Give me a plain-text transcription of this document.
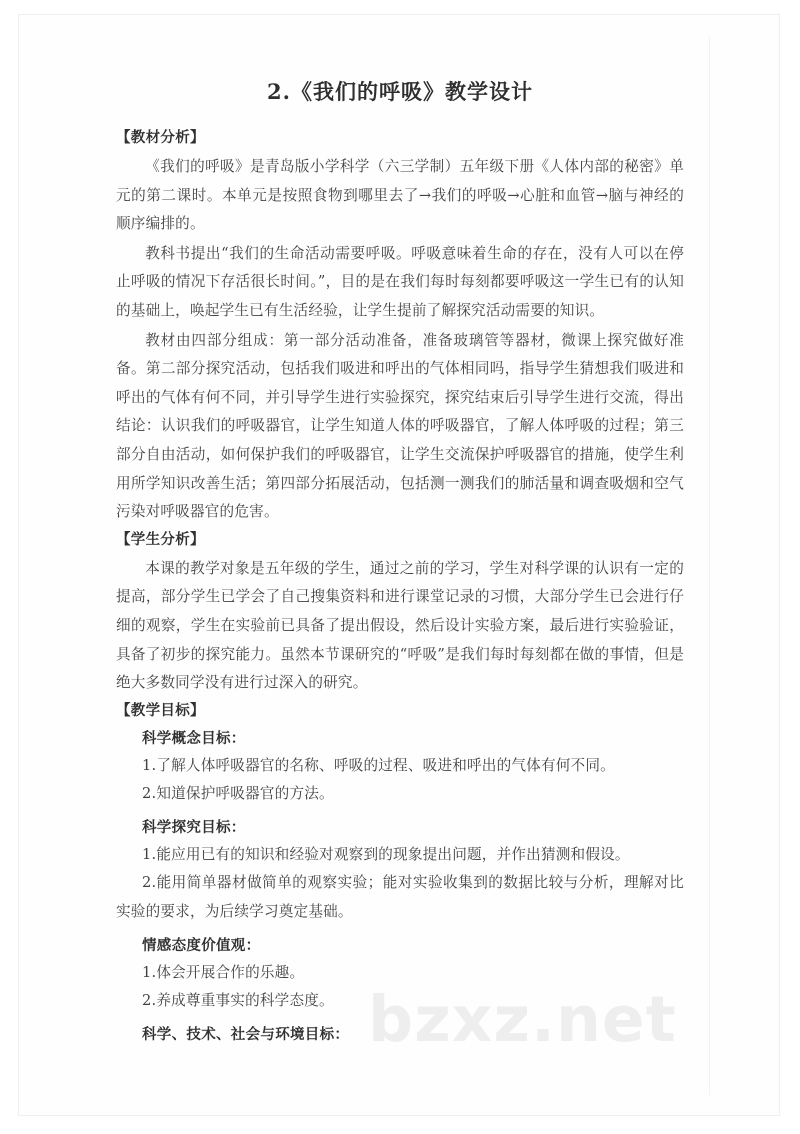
bzxz.net
2.《我们的呼吸》教学设计
【教材分析】

《我们的呼吸》是青岛版小学科学（六三学制）五年级下册《人体内部的秘密》单元的第二课时。本单元是按照食物到哪里去了→我们的呼吸→心脏和血管→脑与神经的顺序编排的。

教科书提出“我们的生命活动需要呼吸。呼吸意味着生命的存在，没有人可以在停止呼吸的情况下存活很长时间。”，目的是在我们每时每刻都要呼吸这一学生已有的认知的基础上，唤起学生已有生活经验，让学生提前了解探究活动需要的知识。

教材由四部分组成：第一部分活动准备，准备玻璃管等器材，微课上探究做好准备。第二部分探究活动，包括我们吸进和呼出的气体相同吗，指导学生猜想我们吸进和呼出的气体有何不同，并引导学生进行实验探究，探究结束后引导学生进行交流，得出结论：认识我们的呼吸器官，让学生知道人体的呼吸器官，了解人体呼吸的过程；第三部分自由活动，如何保护我们的呼吸器官，让学生交流保护呼吸器官的措施，使学生利用所学知识改善生活；第四部分拓展活动，包括测一测我们的肺活量和调查吸烟和空气污染对呼吸器官的危害。

【学生分析】

本课的教学对象是五年级的学生，通过之前的学习，学生对科学课的认识有一定的提高，部分学生已学会了自己搜集资料和进行课堂记录的习惯，大部分学生已会进行仔细的观察，学生在实验前已具备了提出假设，然后设计实验方案，最后进行实验验证，具备了初步的探究能力。虽然本节课研究的“呼吸”是我们每时每刻都在做的事情，但是绝大多数同学没有进行过深入的研究。

【教学目标】
科学概念目标：

1.了解人体呼吸器官的名称、呼吸的过程、吸进和呼出的气体有何不同。

2.知道保护呼吸器官的方法。

科学探究目标：

1.能应用已有的知识和经验对观察到的现象提出问题，并作出猜测和假设。

2.能用简单器材做简单的观察实验；能对实验收集到的数据比较与分析，理解对比实验的要求，为后续学习奠定基础。

情感态度价值观：

1.体会开展合作的乐趣。

2.养成尊重事实的科学态度。

科学、技术、社会与环境目标：
